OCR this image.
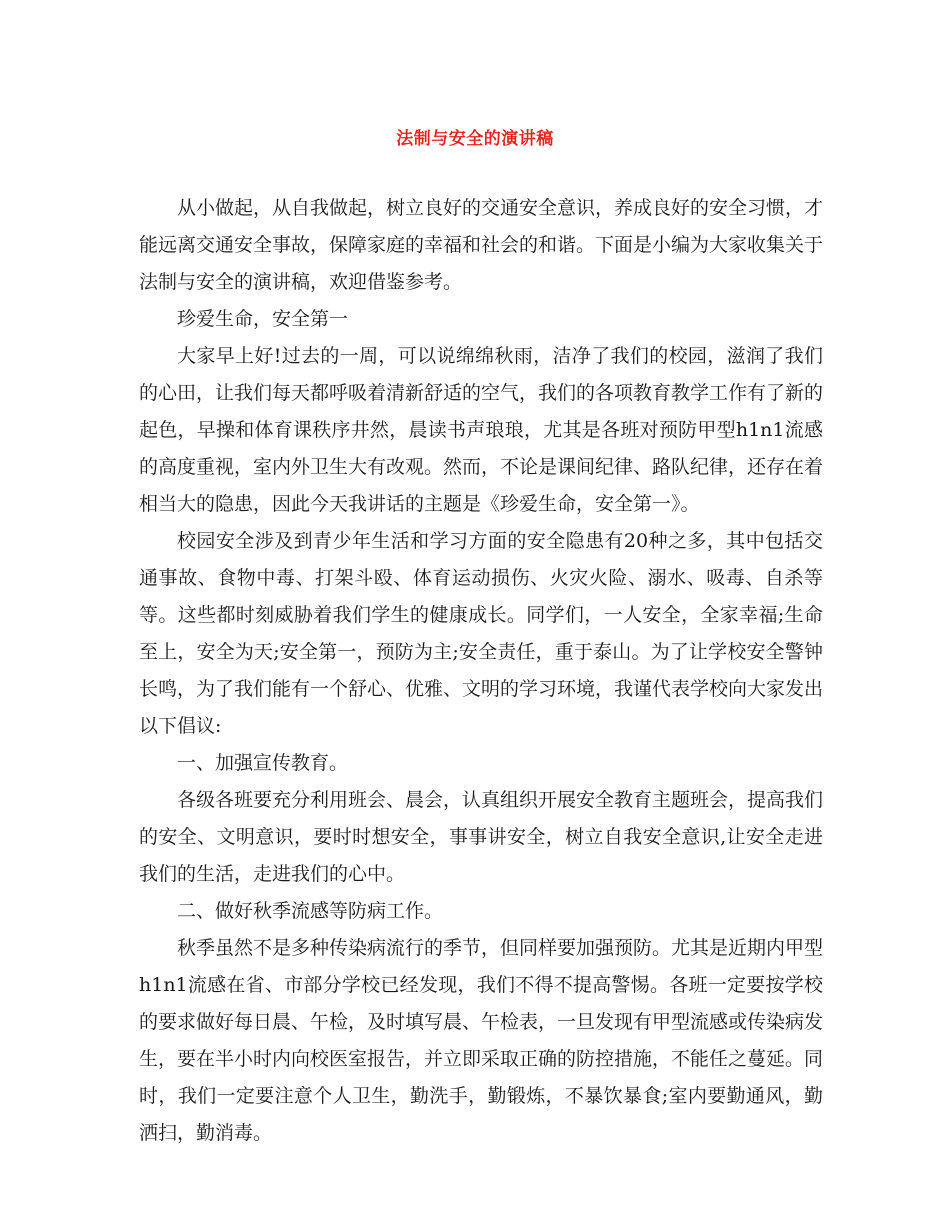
法制与安全的演讲稿

从小做起，从自我做起，树立良好的交通安全意识，养成良好的安全习惯，才能远离交通安全事故，保障家庭的幸福和社会的和谐。下面是小编为大家收集关于法制与安全的演讲稿，欢迎借鉴参考。

珍爱生命，安全第一

大家早上好!过去的一周，可以说绵绵秋雨，洁净了我们的校园，滋润了我们的心田，让我们每天都呼吸着清新舒适的空气，我们的各项教育教学工作有了新的起色，早操和体育课秩序井然，晨读书声琅琅，尤其是各班对预防甲型h1n1流感的高度重视，室内外卫生大有改观。然而，不论是课间纪律、路队纪律，还存在着相当大的隐患，因此今天我讲话的主题是《珍爱生命，安全第一》。

校园安全涉及到青少年生活和学习方面的安全隐患有20种之多，其中包括交通事故、食物中毒、打架斗殴、体育运动损伤、火灾火险、溺水、吸毒、自杀等等。这些都时刻威胁着我们学生的健康成长。同学们，一人安全，全家幸福;生命至上，安全为天;安全第一，预防为主;安全责任，重于泰山。为了让学校安全警钟长鸣，为了我们能有一个舒心、优雅、文明的学习环境，我谨代表学校向大家发出以下倡议:

一、加强宣传教育。

各级各班要充分利用班会、晨会，认真组织开展安全教育主题班会，提高我们的安全、文明意识，要时时想安全，事事讲安全，树立自我安全意识,让安全走进我们的生活，走进我们的心中。

二、做好秋季流感等防病工作。

秋季虽然不是多种传染病流行的季节，但同样要加强预防。尤其是近期内甲型h1n1流感在省、市部分学校已经发现，我们不得不提高警惕。各班一定要按学校的要求做好每日晨、午检，及时填写晨、午检表，一旦发现有甲型流感或传染病发生，要在半小时内向校医室报告，并立即采取正确的防控措施，不能任之蔓延。同时，我们一定要注意个人卫生，勤洗手，勤锻炼，不暴饮暴食;室内要勤通风，勤洒扫，勤消毒。
